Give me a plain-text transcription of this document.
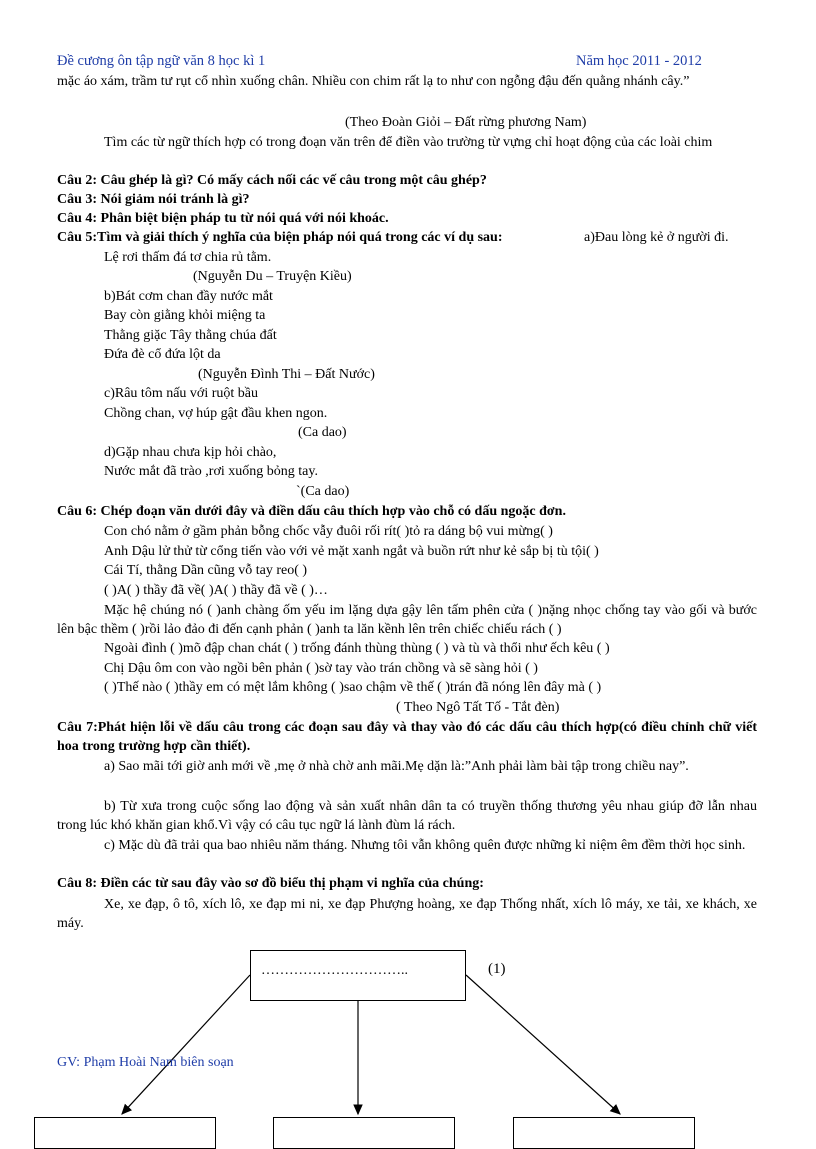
Đề cương ôn tập ngữ văn 8 học kì 1	Năm học 2011 - 2012
mặc áo xám, trầm tư rụt cổ nhìn xuống chân. Nhiều con chim rất lạ to như con ngỗng đậu đến quằng nhánh cây.”
(Theo Đoàn Giỏi – Đất rừng phương Nam)
Tìm các từ ngữ thích hợp có trong đoạn văn trên để điền vào trường từ vựng chỉ hoạt động của các loài chim
Câu 2: Câu ghép là gì? Có mấy cách nối các vế câu trong một câu ghép?
Câu 3: Nói giảm nói tránh là gì?
Câu 4: Phân biệt biện pháp tu từ nói quá với nói khoác.
Câu 5:Tìm và giải thích ý nghĩa của biện pháp nói quá trong các ví dụ sau:	a)Đau lòng kẻ ở người đi.
Lệ rơi thấm đá tơ chia rủ tằm.
(Nguyễn Du – Truyện Kiều)
b)Bát cơm chan đầy nước mắt
Bay còn giằng khỏi miệng ta
Thằng giặc Tây thằng chúa đất
Đứa đè cổ đứa lột da
(Nguyễn Đình Thi – Đất Nước)
c)Râu tôm nấu với ruột bầu
Chồng chan, vợ húp gật đầu khen ngon.
(Ca dao)
d)Gặp nhau chưa kịp hỏi chào,
Nước mắt đã trào ,rơi xuống bỏng tay.
`(Ca dao)
Câu 6: Chép đoạn văn dưới đây và điền dấu câu thích hợp vào chỗ có dấu ngoặc đơn.
Con chó nằm ở gầm phản bỗng chốc vẫy đuôi rối rít( )tỏ ra dáng bộ vui mừng( )
Anh Dậu lử thử từ cổng tiến vào với vẻ mặt xanh ngắt và buồn rứt như kẻ sắp bị tù tội( )
Cái Tí, thằng Dần cũng vỗ tay reo( )
( )A( ) thầy đã về( )A( ) thầy đã về ( )…
Mặc hệ chúng nó ( )anh chàng ốm yếu im lặng dựa gậy lên tấm phên cửa ( )nặng nhọc chống tay vào gối và bước lên bậc thềm ( )rồi lảo đảo đi đến cạnh phản ( )anh ta lăn kềnh lên trên chiếc chiếu rách ( )
Ngoài đình ( )mõ đập chan chát ( ) trống đánh thùng thùng ( ) và tù và thổi như ếch kêu ( )
Chị Dậu ôm con vào ngồi bên phản ( )sờ tay vào trán chồng và sẽ sàng hỏi ( )
( )Thế nào ( )thầy em có mệt lắm không ( )sao chậm về thế ( )trán đã nóng lên đây mà ( )
( Theo Ngô Tất Tố - Tắt đèn)
Câu 7:Phát hiện lỗi về dấu câu trong các đoạn sau đây và thay vào đó các dấu câu thích hợp(có điều chỉnh chữ viết hoa trong trường hợp cần thiết).
a) Sao mãi tới giờ anh mới về ,mẹ ở nhà chờ anh mãi.Mẹ dặn là:”Anh phải làm bài tập trong chiều nay”.
b) Từ xưa trong cuộc sống lao động và sản xuất nhân dân ta có truyền thống thương yêu nhau giúp đỡ lẫn nhau trong lúc khó khăn gian khổ.Vì vậy có câu tục ngữ lá lành đùm lá rách.
c) Mặc dù đã trải qua bao nhiêu năm tháng. Nhưng tôi vẫn không quên được những kỉ niệm êm đềm thời học sinh.
Câu 8: Điền các từ sau đây vào sơ đồ biểu thị phạm vi nghĩa của chúng:
Xe, xe đạp, ô tô, xích lô, xe đạp mi ni, xe đạp Phượng hoàng, xe đạp Thống nhất, xích lô máy, xe tải, xe khách, xe máy.
…………………………..	(1)
GV: Phạm Hoài Nam biên soạn
